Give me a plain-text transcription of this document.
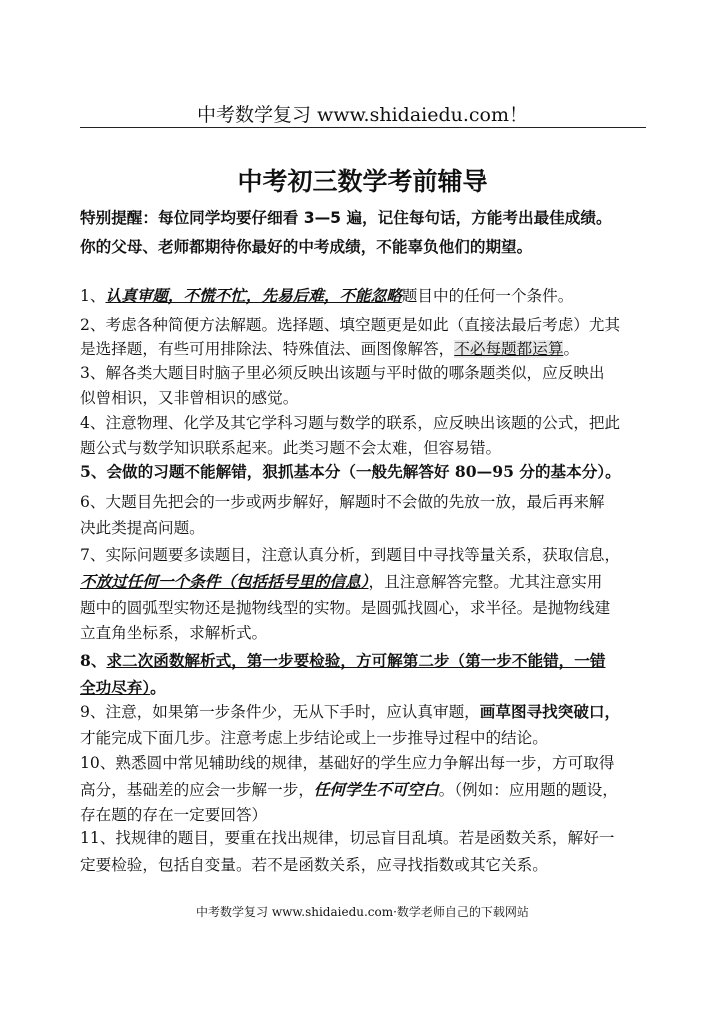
中考数学复习 www.shidaiedu.com！
中考初三数学考前辅导
特别提醒：每位同学均要仔细看 3—5 遍，记住每句话，方能考出最佳成绩。
你的父母、老师都期待你最好的中考成绩，不能辜负他们的期望。
1、认真审题，不慌不忙，先易后难，不能忽略题目中的任何一个条件。
2、考虑各种简便方法解题。选择题、填空题更是如此（直接法最后考虑）尤其
是选择题，有些可用排除法、特殊值法、画图像解答，不必每题都运算。
3、解各类大题目时脑子里必须反映出该题与平时做的哪条题类似，应反映出
似曾相识，又非曾相识的感觉。
4、注意物理、化学及其它学科习题与数学的联系，应反映出该题的公式，把此
题公式与数学知识联系起来。此类习题不会太难，但容易错。
5、会做的习题不能解错，狠抓基本分（一般先解答好 80—95 分的基本分）。
6、大题目先把会的一步或两步解好，解题时不会做的先放一放，最后再来解
决此类提高问题。
7、实际问题要多读题目，注意认真分析，到题目中寻找等量关系，获取信息，
不放过任何一个条件（包括括号里的信息），且注意解答完整。尤其注意实用
题中的圆弧型实物还是抛物线型的实物。是圆弧找圆心，求半径。是抛物线建
立直角坐标系，求解析式。
8、求二次函数解析式，第一步要检验，方可解第二步（第一步不能错，一错
全功尽弃）。
9、注意，如果第一步条件少，无从下手时，应认真审题，画草图寻找突破口，
才能完成下面几步。注意考虑上步结论或上一步推导过程中的结论。
10、熟悉圆中常见辅助线的规律，基础好的学生应力争解出每一步，方可取得
高分，基础差的应会一步解一步，任何学生不可空白。（例如：应用题的题设，
存在题的存在一定要回答）
11、找规律的题目，要重在找出规律，切忌盲目乱填。若是函数关系，解好一
定要检验，包括自变量。若不是函数关系，应寻找指数或其它关系。
中考数学复习 www.shidaiedu.com·数学老师自己的下载网站
